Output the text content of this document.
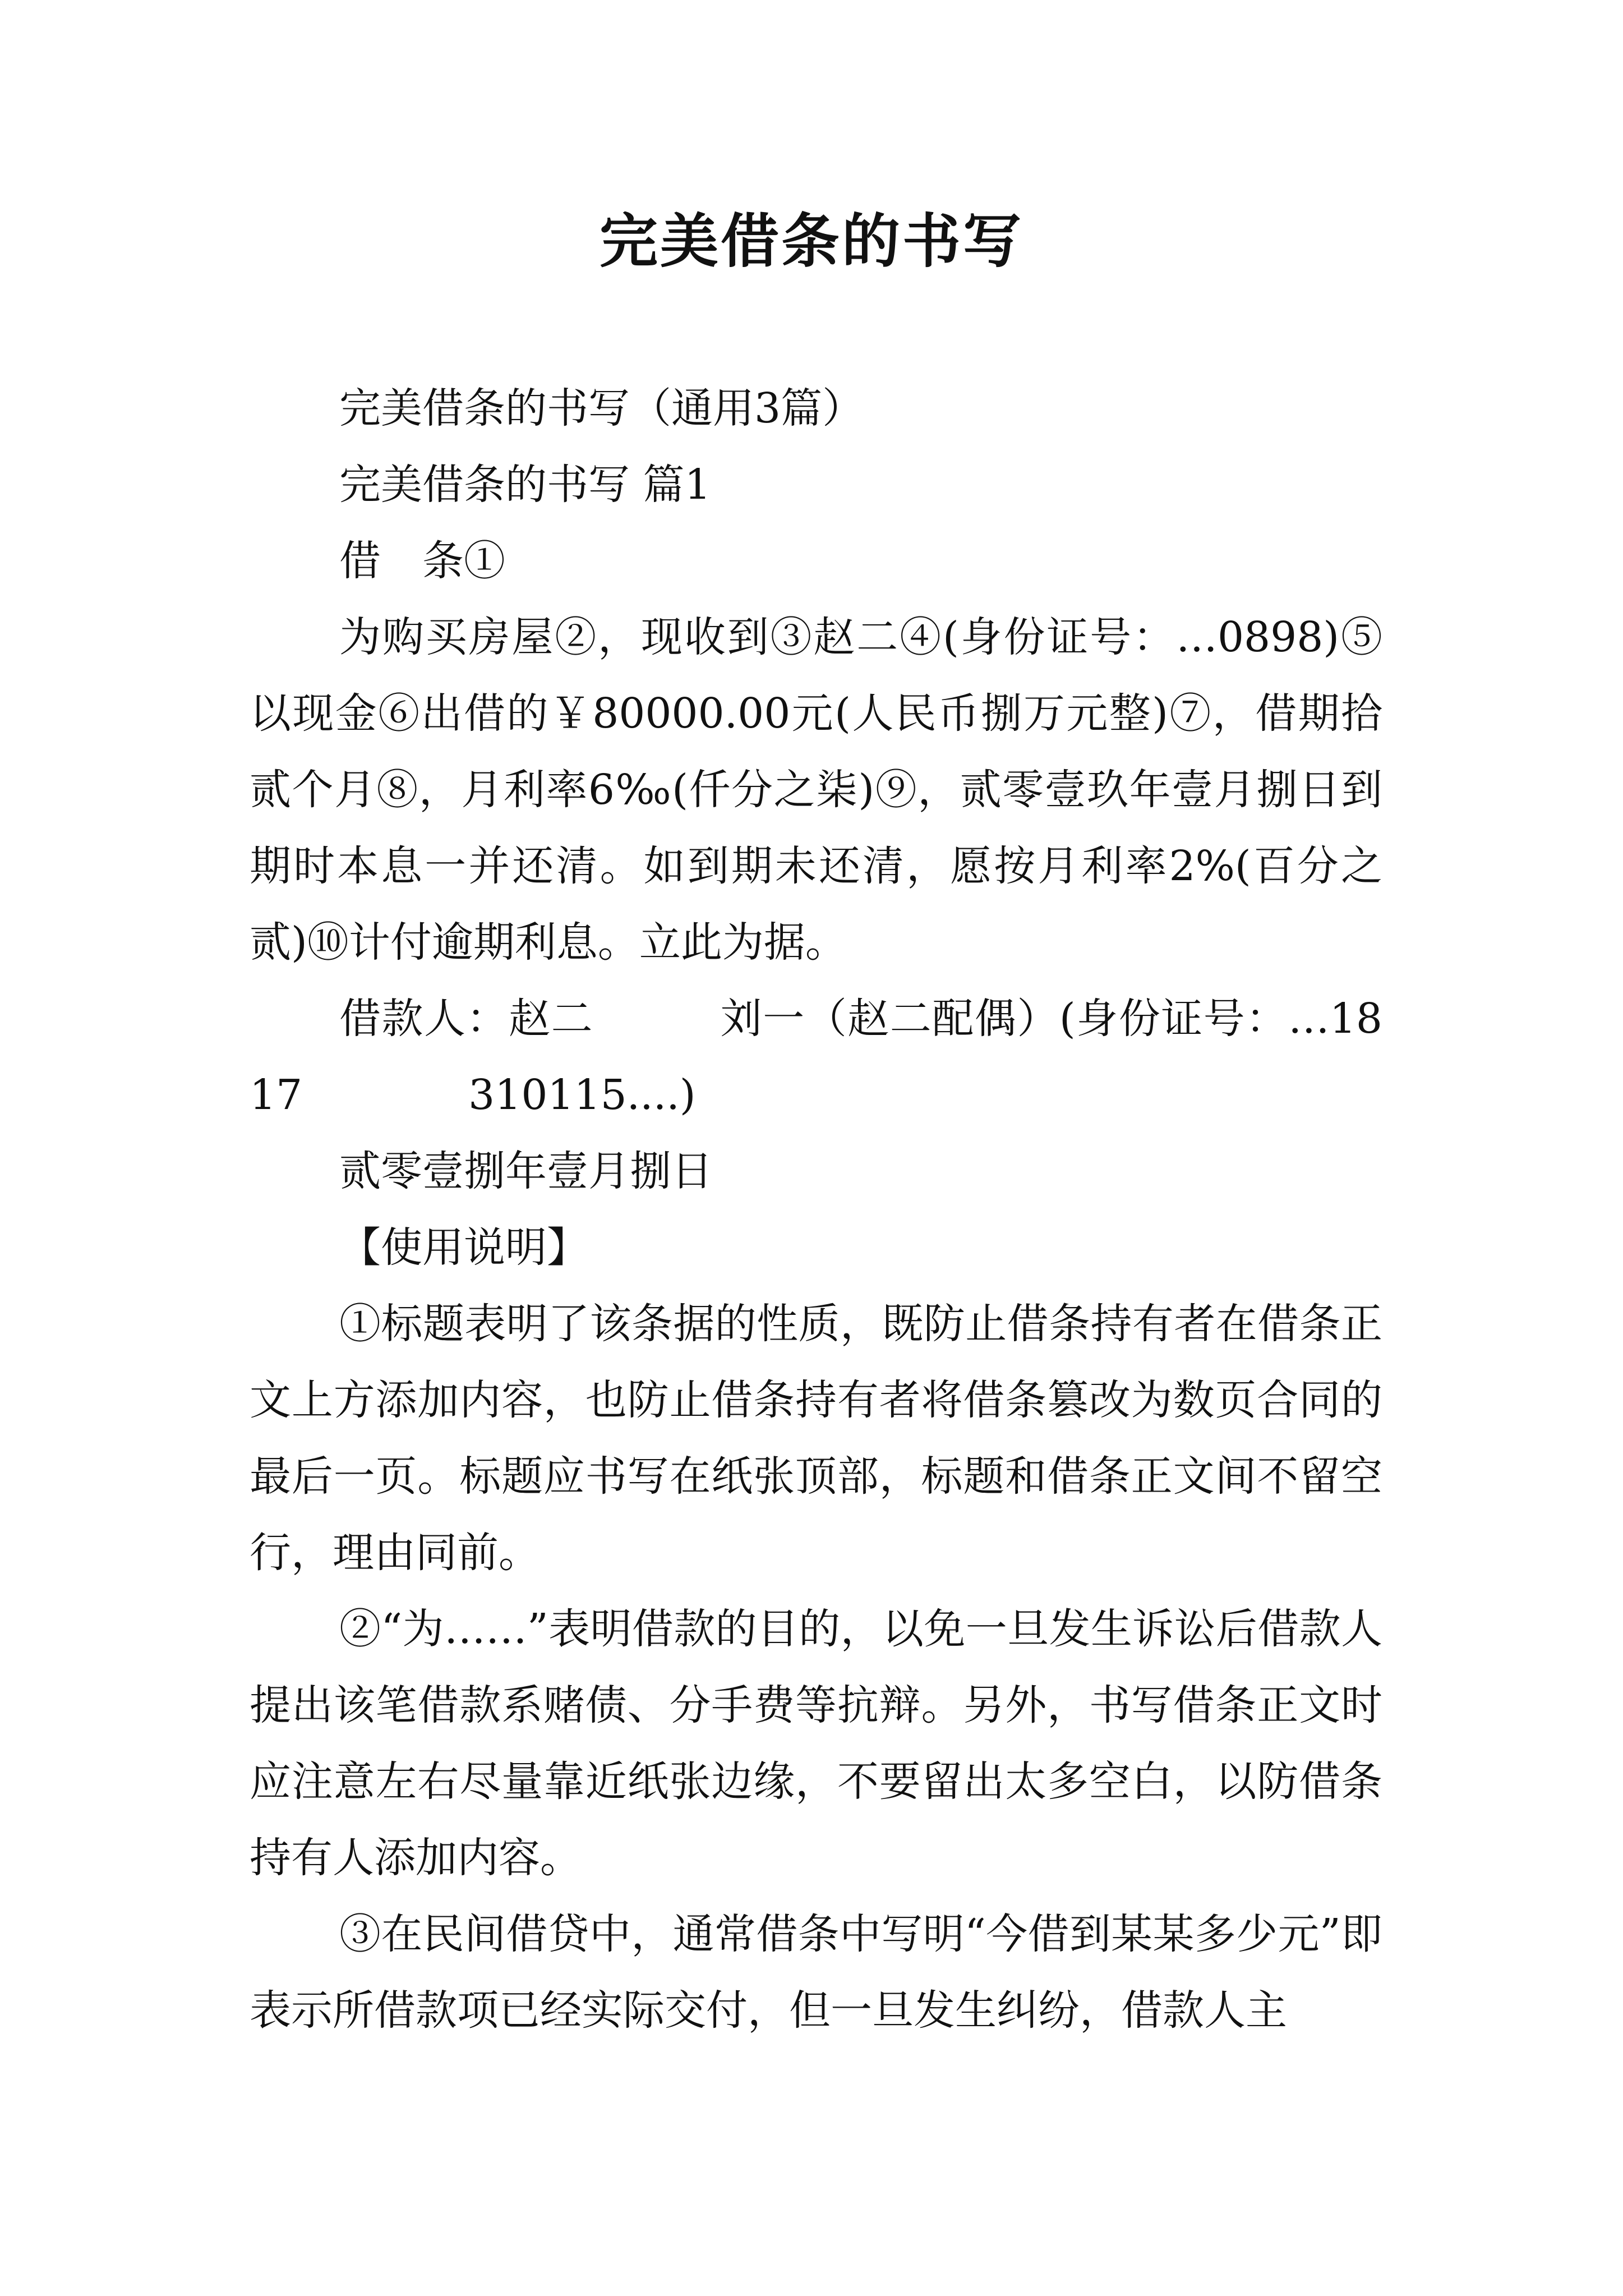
完美借条的书写

完美借条的书写（通用3篇）

完美借条的书写 篇1

借　条①

为购买房屋②，现收到③赵二④(身份证号：…0898)⑤以现金⑥出借的￥80000.00元(人民币捌万元整)⑦，借期拾贰个月⑧，月利率6‰(仟分之柒)⑨，贰零壹玖年壹月捌日到期时本息一并还清。如到期未还清，愿按月利率2%(百分之贰)⑩计付逾期利息。立此为据。

借款人：赵二　　　刘一（赵二配偶）(身份证号：…1817　　　　310115....)

贰零壹捌年壹月捌日

【使用说明】

①标题表明了该条据的性质，既防止借条持有者在借条正文上方添加内容，也防止借条持有者将借条篡改为数页合同的最后一页。标题应书写在纸张顶部，标题和借条正文间不留空行，理由同前。

②“为……”表明借款的目的，以免一旦发生诉讼后借款人提出该笔借款系赌债、分手费等抗辩。另外，书写借条正文时应注意左右尽量靠近纸张边缘，不要留出太多空白，以防借条持有人添加内容。

③在民间借贷中，通常借条中写明“今借到某某多少元”即表示所借款项已经实际交付，但一旦发生纠纷，借款人主
